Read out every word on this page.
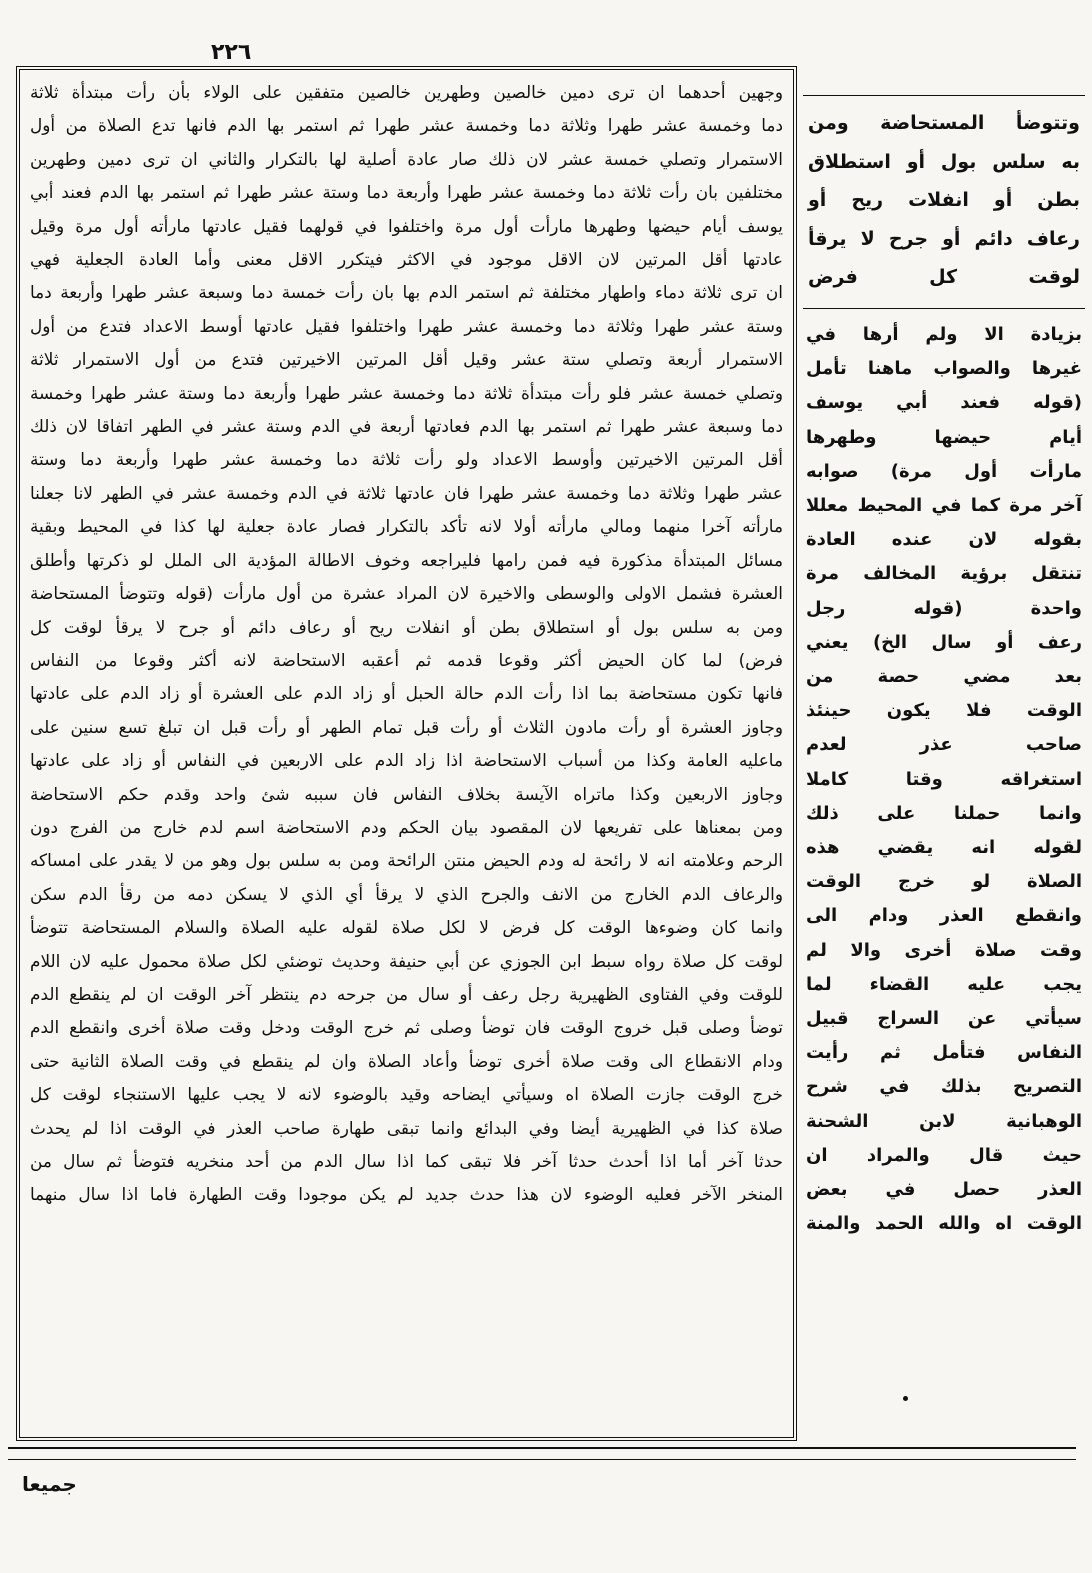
٢٢٦
وجهين أحدهما ان ترى دمين خالصين وطهرين خالصين متفقين على الولاء بأن رأت مبتدأة ثلاثة
دما وخمسة عشر طهرا وثلاثة دما وخمسة عشر طهرا ثم استمر بها الدم فانها تدع الصلاة من أول
الاستمرار وتصلي خمسة عشر لان ذلك صار عادة أصلية لها بالتكرار والثاني ان ترى دمين وطهرين
مختلفين بان رأت ثلاثة دما وخمسة عشر طهرا وأربعة دما وستة عشر طهرا ثم استمر بها الدم فعند أبي
يوسف أيام حيضها وطهرها مارأت أول مرة واختلفوا في قولهما فقيل عادتها مارأته أول مرة وقيل
عادتها أقل المرتين لان الاقل موجود في الاكثر فيتكرر الاقل معنى وأما العادة الجعلية فهي
ان ترى ثلاثة دماء واطهار مختلفة ثم استمر الدم بها بان رأت خمسة دما وسبعة عشر طهرا وأربعة دما
وستة عشر طهرا وثلاثة دما وخمسة عشر طهرا واختلفوا فقيل عادتها أوسط الاعداد فتدع من أول
الاستمرار أربعة وتصلي ستة عشر وقيل أقل المرتين الاخيرتين فتدع من أول الاستمرار ثلاثة
وتصلي خمسة عشر فلو رأت مبتدأة ثلاثة دما وخمسة عشر طهرا وأربعة دما وستة عشر طهرا وخمسة
دما وسبعة عشر طهرا ثم استمر بها الدم فعادتها أربعة في الدم وستة عشر في الطهر اتفاقا لان ذلك
أقل المرتين الاخيرتين وأوسط الاعداد ولو رأت ثلاثة دما وخمسة عشر طهرا وأربعة دما وستة
عشر طهرا وثلاثة دما وخمسة عشر طهرا فان عادتها ثلاثة في الدم وخمسة عشر في الطهر لانا جعلنا
مارأته آخرا منهما ومالي مارأته أولا لانه تأكد بالتكرار فصار عادة جعلية لها كذا في المحيط وبقية
مسائل المبتدأة مذكورة فيه فمن رامها فليراجعه وخوف الاطالة المؤدية الى الملل لو ذكرتها وأطلق
العشرة فشمل الاولى والوسطى والاخيرة لان المراد عشرة من أول مارأت (قوله وتتوضأ المستحاضة
ومن به سلس بول أو استطلاق بطن أو انفلات ريح أو رعاف دائم أو جرح لا يرقأ لوقت كل
فرض) لما كان الحيض أكثر وقوعا قدمه ثم أعقبه الاستحاضة لانه أكثر وقوعا من النفاس
فانها تكون مستحاضة بما اذا رأت الدم حالة الحبل أو زاد الدم على العشرة أو زاد الدم على عادتها
وجاوز العشرة أو رأت مادون الثلاث أو رأت قبل تمام الطهر أو رأت قبل ان تبلغ تسع سنين على
ماعليه العامة وكذا من أسباب الاستحاضة اذا زاد الدم على الاربعين في النفاس أو زاد على عادتها
وجاوز الاربعين وكذا ماتراه الآيسة بخلاف النفاس فان سببه شئ واحد وقدم حكم الاستحاضة
ومن بمعناها على تفريعها لان المقصود بيان الحكم ودم الاستحاضة اسم لدم خارج من الفرج دون
الرحم وعلامته انه لا رائحة له ودم الحيض منتن الرائحة ومن به سلس بول وهو من لا يقدر على امساكه
والرعاف الدم الخارج من الانف والجرح الذي لا يرقأ أي الذي لا يسكن دمه من رقأ الدم سكن
وانما كان وضوءها الوقت كل فرض لا لكل صلاة لقوله عليه الصلاة والسلام المستحاضة تتوضأ
لوقت كل صلاة رواه سبط ابن الجوزي عن أبي حنيفة وحديث توضئي لكل صلاة محمول عليه لان اللام
للوقت وفي الفتاوى الظهيرية رجل رعف أو سال من جرحه دم ينتظر آخر الوقت ان لم ينقطع الدم
توضأ وصلى قبل خروج الوقت فان توضأ وصلى ثم خرج الوقت ودخل وقت صلاة أخرى وانقطع الدم
ودام الانقطاع الى وقت صلاة أخرى توضأ وأعاد الصلاة وان لم ينقطع في وقت الصلاة الثانية حتى
خرج الوقت جازت الصلاة اه وسيأتي ايضاحه وقيد بالوضوء لانه لا يجب عليها الاستنجاء لوقت كل
صلاة كذا في الظهيرية أيضا وفي البدائع وانما تبقى طهارة صاحب العذر في الوقت اذا لم يحدث
حدثا آخر أما اذا أحدث حدثا آخر فلا تبقى كما اذا سال الدم من أحد منخريه فتوضأ ثم سال من
المنخر الآخر فعليه الوضوء لان هذا حدث جديد لم يكن موجودا وقت الطهارة فاما اذا سال منهما
وتتوضأ المستحاضة ومن
به سلس بول أو استطلاق
بطن أو انفلات ريح أو
رعاف دائم أو جرح لا يرقأ
لوقت كل فرض
بزيادة الا ولم أرها في
غيرها والصواب ماهنا تأمل
(قوله فعند أبي يوسف
أيام حيضها وطهرها
مارأت أول مرة) صوابه
آخر مرة كما في المحيط معللا
بقوله لان عنده العادة
تنتقل برؤية المخالف مرة
واحدة (قوله رجل
رعف أو سال الخ) يعني
بعد مضي حصة من
الوقت فلا يكون حينئذ
صاحب عذر لعدم
استغراقه وقتا كاملا
وانما حملنا على ذلك
لقوله انه يقضي هذه
الصلاة لو خرج الوقت
وانقطع العذر ودام الى
وقت صلاة أخرى والا لم
يجب عليه القضاء لما
سيأتي عن السراج قبيل
النفاس فتأمل ثم رأيت
التصريح بذلك في شرح
الوهبانية لابن الشحنة
حيث قال والمراد ان
العذر حصل في بعض
الوقت اه والله الحمد والمنة
جميعا
